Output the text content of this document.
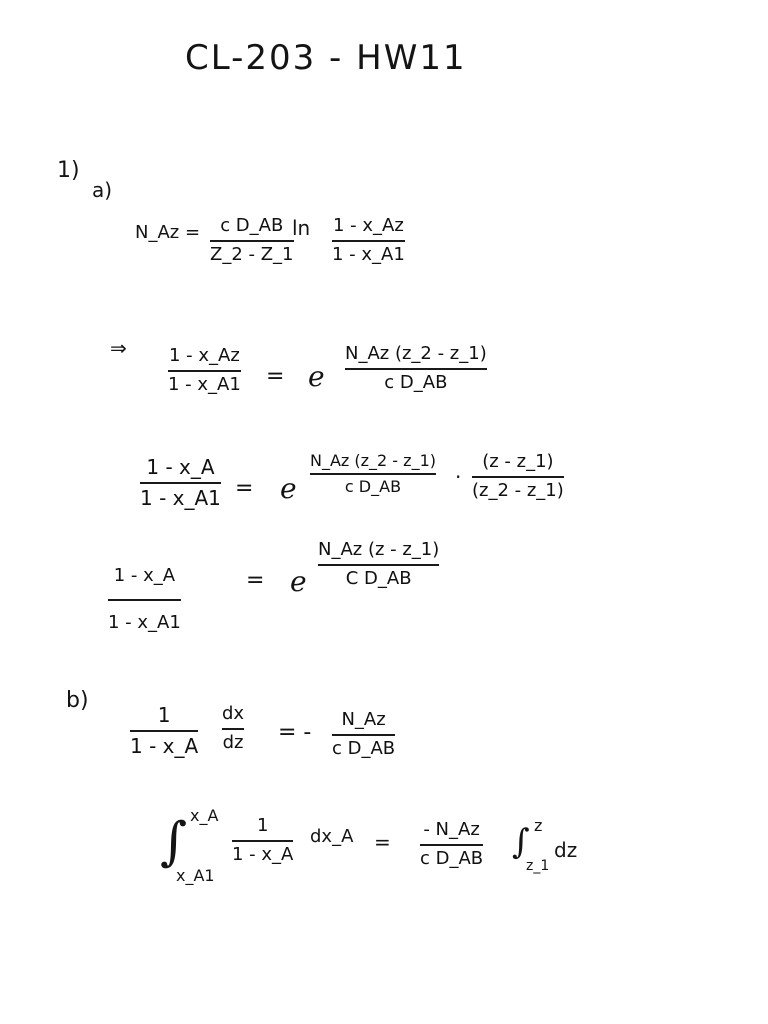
CL-203 - HW11
1)
a)
N_Az = c D_AB
Z_2 - Z_1
ln 1 - x_Az
1 - x_A1
⇒ 1 - x_Az
1 - x_A1 = e
N_Az (z_2 - z_1)
c D_AB
1 - x_A
1 - x_A1 = e
N_Az (z_2 - z_1)
c D_AB	·
(z - z_1)
(z_2 - z_1)
1 - x_A
1 - x_A1
= e
N_Az (z - z_1)
C D_AB
b)
1
1 - x_A
dx
dz = -
N_Az
c D_AB
∫ x_A
x_A1
1
1 - x_A
dx_A =
- N_Az
c D_AB ∫ z
z_1
dz
